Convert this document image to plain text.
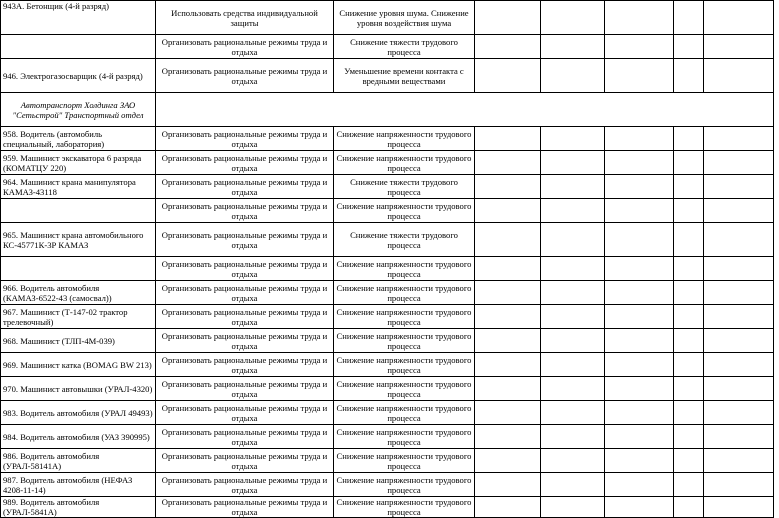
943А. Бетонщик (4-й разряд)	Использовать средства индивидуальной защиты	Снижение уровня шума. Снижение уровня воздействия шума					
	Организовать рациональные режимы труда и отдыха	Снижение тяжести трудового процесса					
946. Электрогазосварщик (4-й разряд)	Организовать рациональные режимы труда и отдыха	Уменьшение времени контакта с вредными веществами					
Автотранспорт Холдинга ЗАО "Сетьстрой" Транспортный отдел							
958. Водитель (автомобиль специальный, лаборатория)	Организовать рациональные режимы труда и отдыха	Снижение напряженности трудового процесса					
959. Машинист экскаватора 6 разряда (КОМАТЦУ 220)	Организовать рациональные режимы труда и отдыха	Снижение напряженности трудового процесса					
964. Машинист крана манипулятора КАМАЗ-43118	Организовать рациональные режимы труда и отдыха	Снижение тяжести трудового процесса					
	Организовать рациональные режимы труда и отдыха	Снижение напряженности трудового процесса					
965. Машинист крана автомобильного КС-45771К-3Р КАМАЗ	Организовать рациональные режимы труда и отдыха	Снижение тяжести трудового процесса					
	Организовать рациональные режимы труда и отдыха	Снижение напряженности трудового процесса					
966. Водитель автомобиля (КАМАЗ-6522-43 (самосвал))	Организовать рациональные режимы труда и отдыха	Снижение напряженности трудового процесса					
967. Машинист (Т-147-02 трактор трелевочный)	Организовать рациональные режимы труда и отдыха	Снижение напряженности трудового процесса					
968. Машинист (ТЛП-4М-039)	Организовать рациональные режимы труда и отдыха	Снижение напряженности трудового процесса					
969. Машинист катка (BOMAG BW 213)	Организовать рациональные режимы труда и отдыха	Снижение напряженности трудового процесса					
970. Машинист автовышки (УРАЛ-4320)	Организовать рациональные режимы труда и отдыха	Снижение напряженности трудового процесса					
983. Водитель автомобиля (УРАЛ 49493)	Организовать рациональные режимы труда и отдыха	Снижение напряженности трудового процесса					
984. Водитель автомобиля (УАЗ 390995)	Организовать рациональные режимы труда и отдыха	Снижение напряженности трудового процесса					
986. Водитель автомобиля (УРАЛ-58141А)	Организовать рациональные режимы труда и отдыха	Снижение напряженности трудового процесса					
987. Водитель автомобиля (НЕФАЗ 4208-11-14)	Организовать рациональные режимы труда и отдыха	Снижение напряженности трудового процесса					
989. Водитель автомобиля (УРАЛ-5841А)	Организовать рациональные режимы труда и отдыха	Снижение напряженности трудового процесса					
